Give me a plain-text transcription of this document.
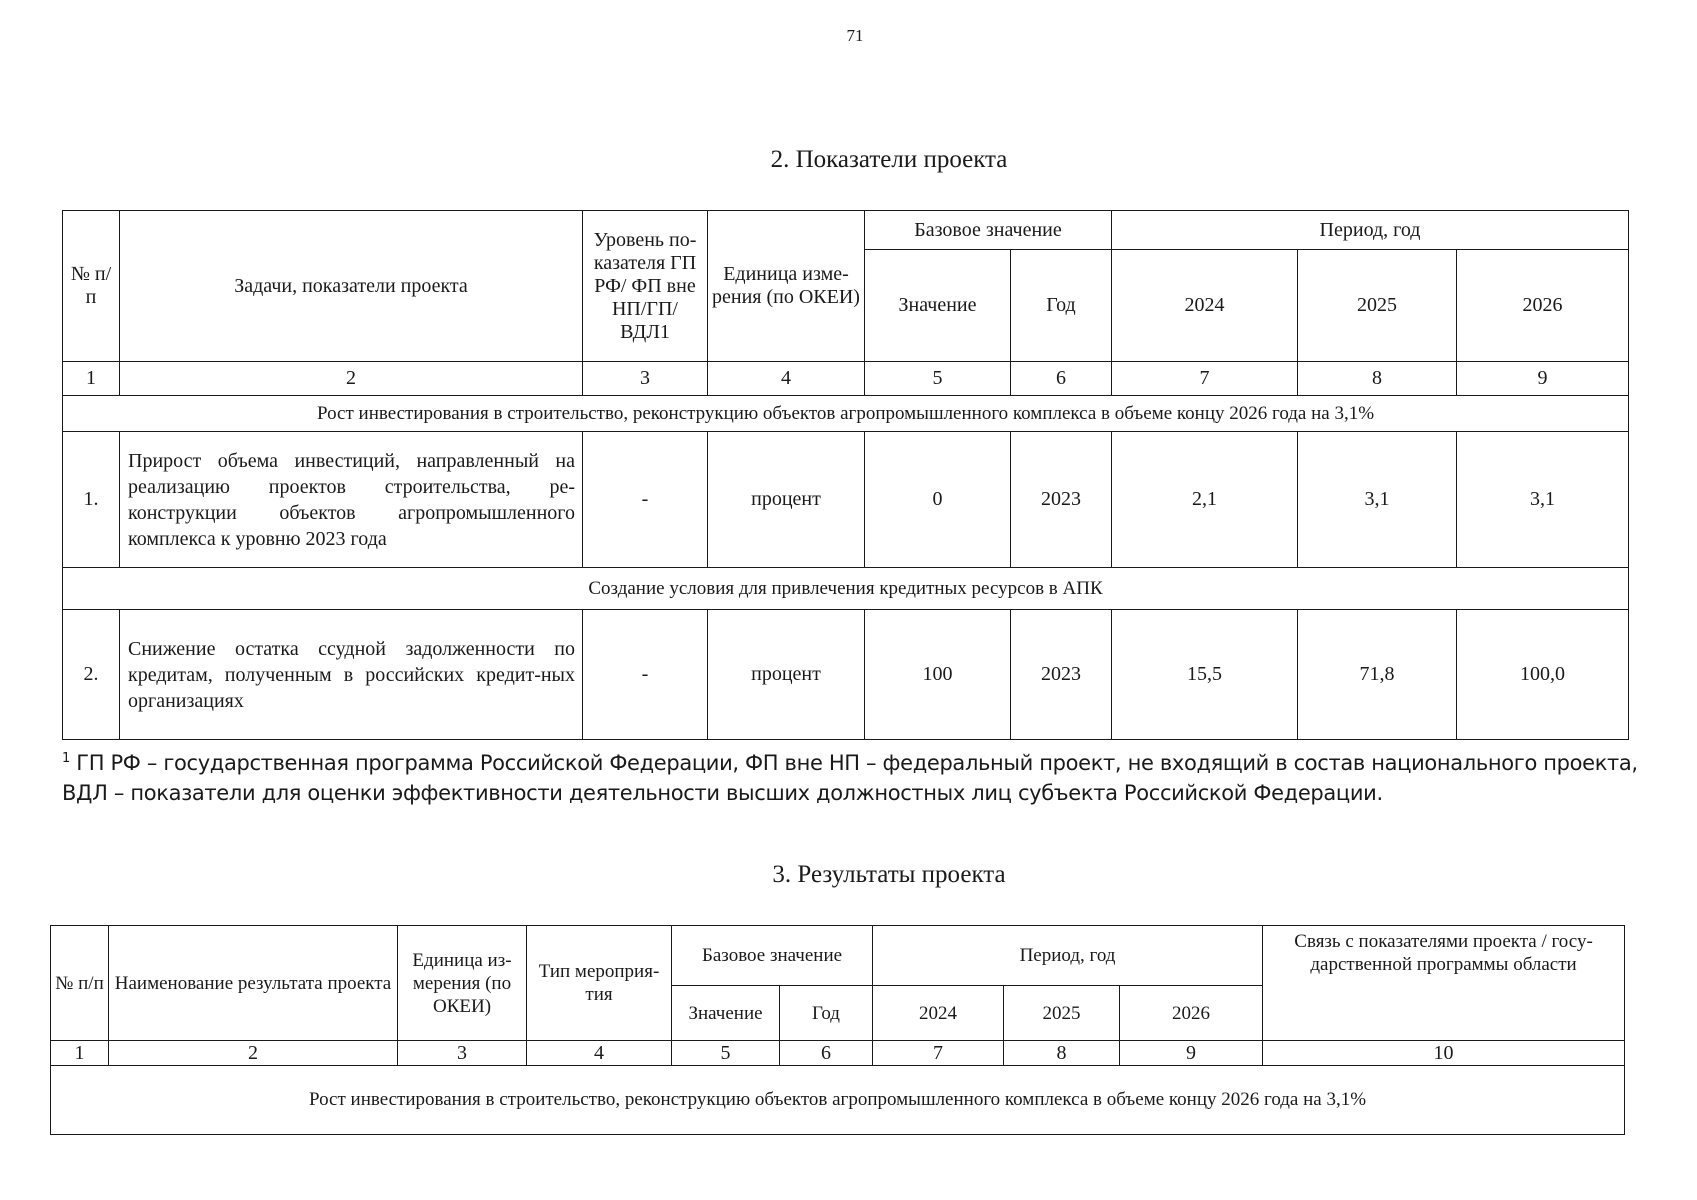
71
2. Показатели проекта
№ п/п	Задачи, показатели проекта	Уровень по-казателя ГП РФ/ ФП вне НП/ГП/ ВДЛ1	Единица изме-рения (по ОКЕИ)	Базовое значение		Период, год		
				Значение	Год	2024	2025	2026
1	2	3	4	5	6	7	8	9
Рост инвестирования в строительство, реконструкцию объектов агропромышленного комплекса в объеме концу 2026 года на 3,1%								
1.	Прирост объема инвестиций, направленный на реализацию проектов строительства, ре-конструкции объектов агропромышленного комплекса к уровню 2023 года	-	процент	0	2023	2,1	3,1	3,1
Создание условия для привлечения кредитных ресурсов в АПК								
2.	Снижение остатка ссудной задолженности по кредитам, полученным в российских кредит-ных организациях	-	процент	100	2023	15,5	71,8	100,0
$^1$ ГП РФ – государственная программа Российской Федерации, ФП вне НП – федеральный проект, не входящий в состав национального проекта, ВДЛ – показатели для оценки эффективности деятельности высших должностных лиц субъекта Российской Федерации.
3. Результаты проекта
№ п/п	Наименование результата проекта	Единица из-мерения (по ОКЕИ)	Тип мероприя-тия	Базовое значение		Период, год			Связь с показателями проекта / госу-дарственной программы области
				Значение	Год	2024	2025	2026	
1	2	3	4	5	6	7	8	9	10
Рост инвестирования в строительство, реконструкцию объектов агропромышленного комплекса в объеме концу 2026 года на 3,1%									
